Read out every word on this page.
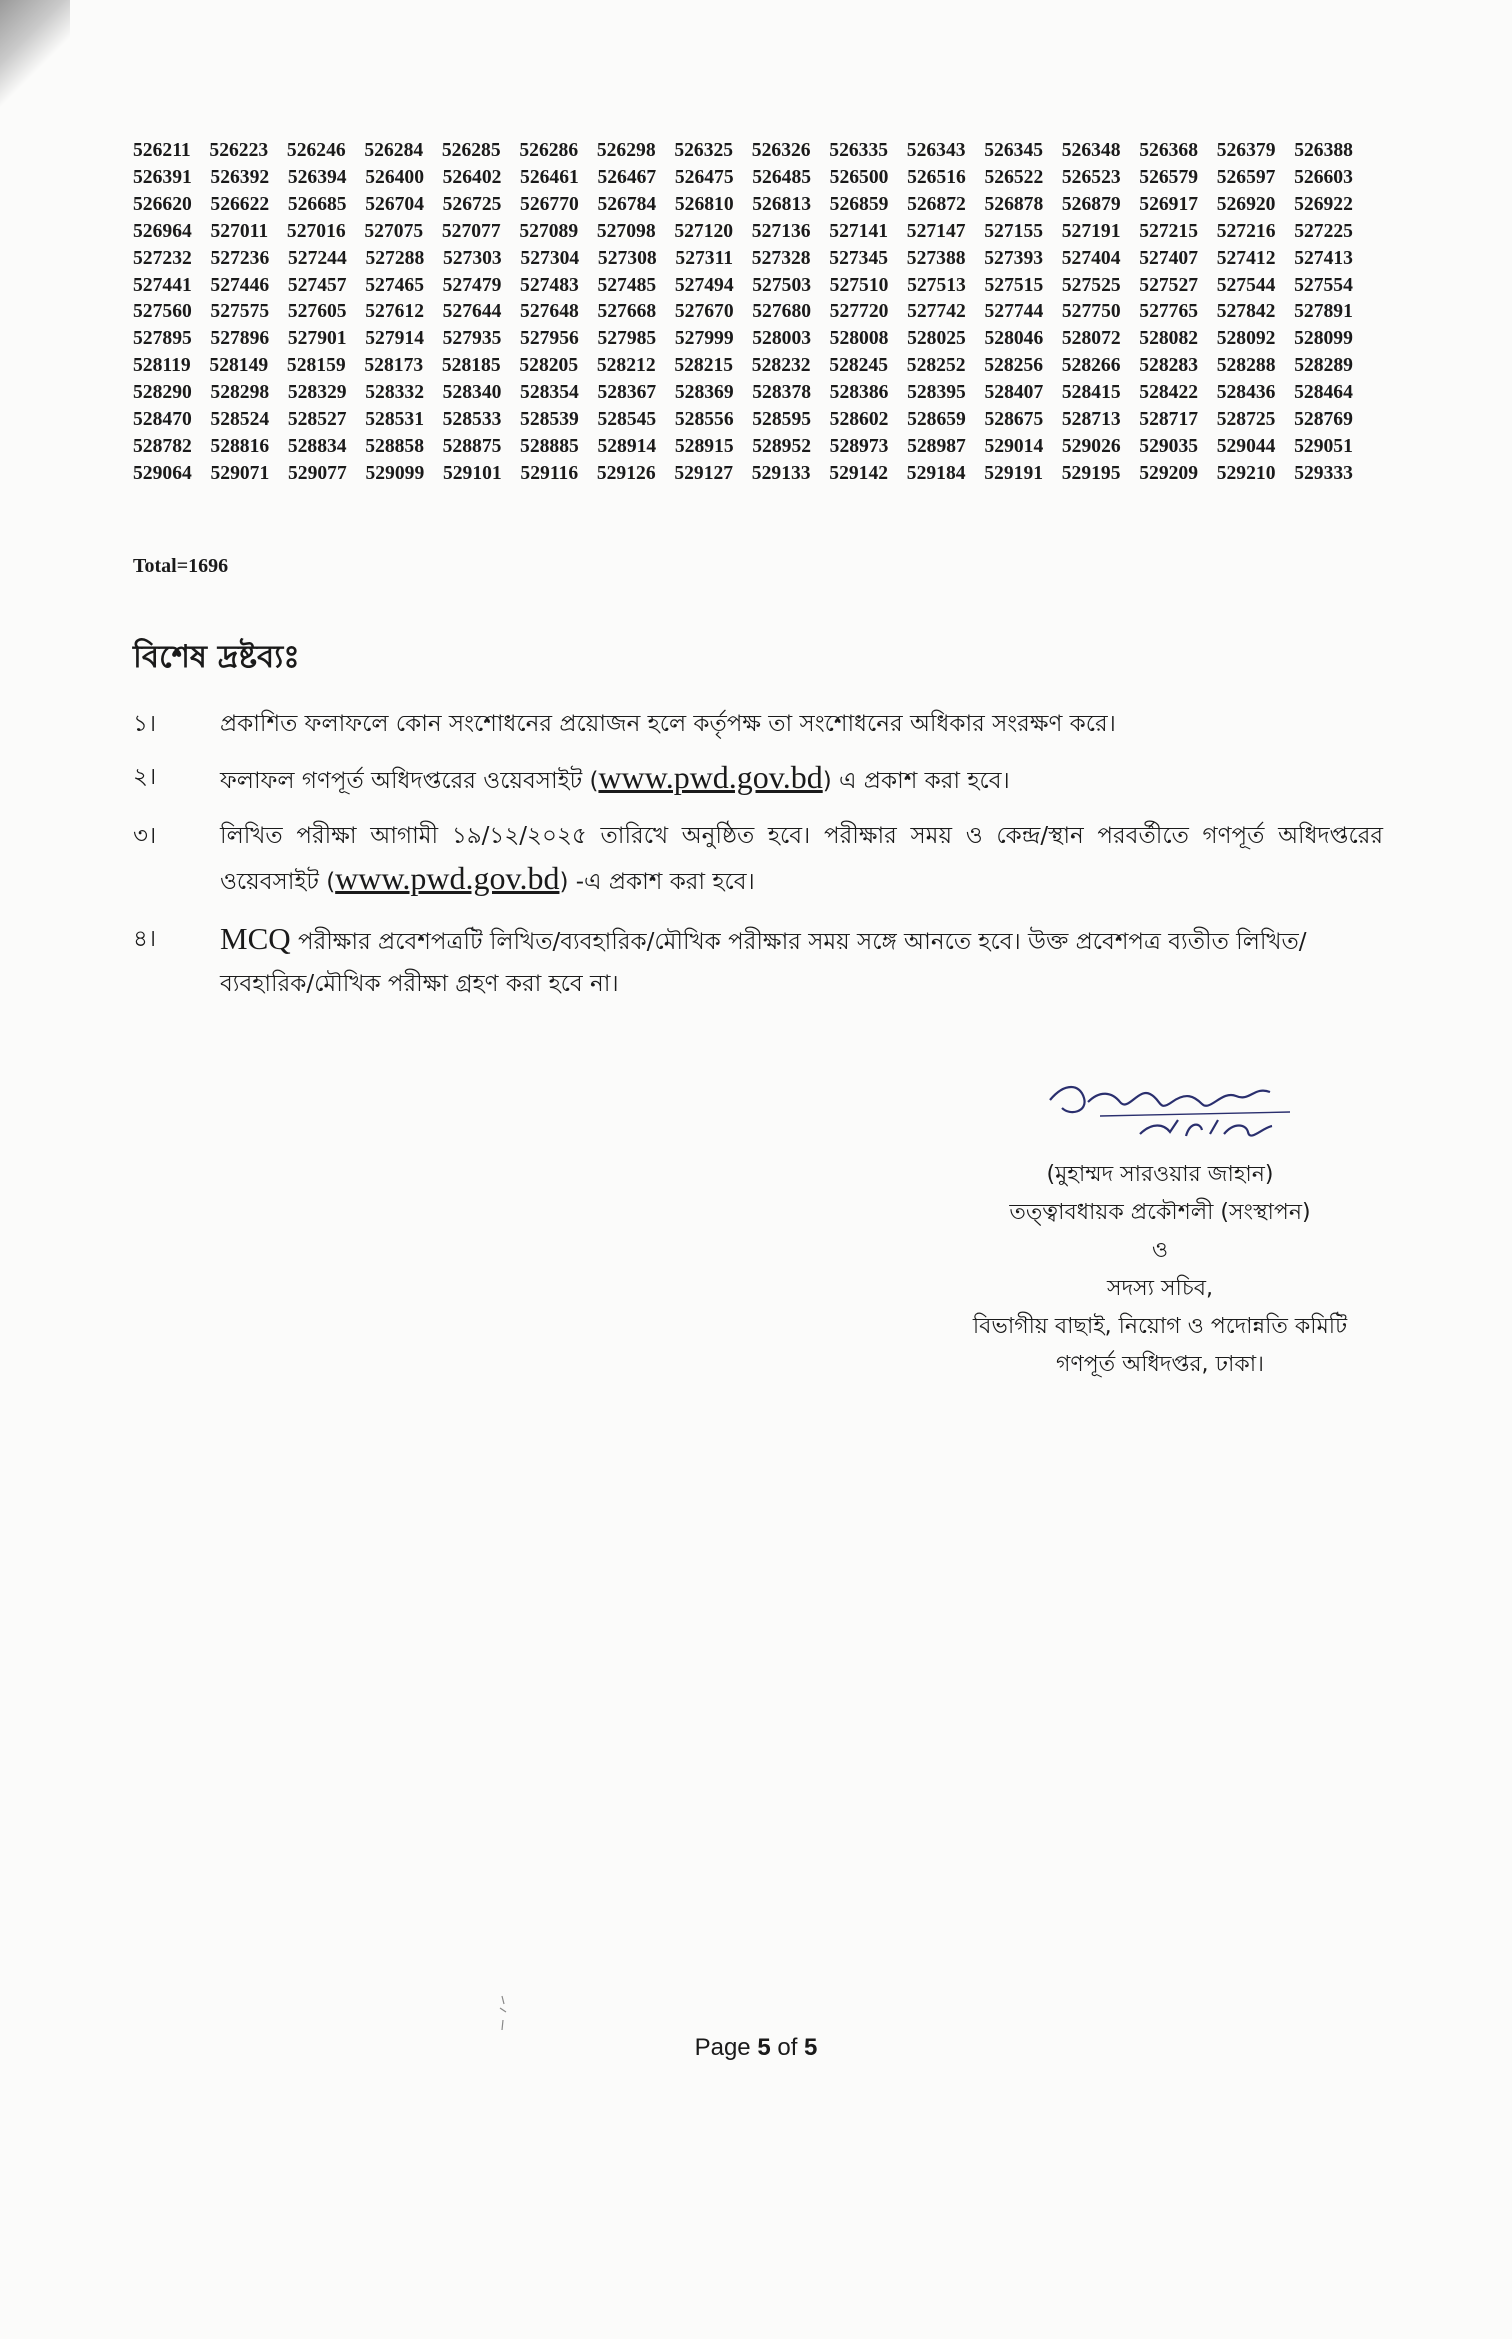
526211 526223 526246 526284 526285 526286 526298 526325 526326 526335 526343 526345 526348 526368 526379 526388
526391 526392 526394 526400 526402 526461 526467 526475 526485 526500 526516 526522 526523 526579 526597 526603
526620 526622 526685 526704 526725 526770 526784 526810 526813 526859 526872 526878 526879 526917 526920 526922
526964 527011 527016 527075 527077 527089 527098 527120 527136 527141 527147 527155 527191 527215 527216 527225
527232 527236 527244 527288 527303 527304 527308 527311 527328 527345 527388 527393 527404 527407 527412 527413
527441 527446 527457 527465 527479 527483 527485 527494 527503 527510 527513 527515 527525 527527 527544 527554
527560 527575 527605 527612 527644 527648 527668 527670 527680 527720 527742 527744 527750 527765 527842 527891
527895 527896 527901 527914 527935 527956 527985 527999 528003 528008 528025 528046 528072 528082 528092 528099
528119 528149 528159 528173 528185 528205 528212 528215 528232 528245 528252 528256 528266 528283 528288 528289
528290 528298 528329 528332 528340 528354 528367 528369 528378 528386 528395 528407 528415 528422 528436 528464
528470 528524 528527 528531 528533 528539 528545 528556 528595 528602 528659 528675 528713 528717 528725 528769
528782 528816 528834 528858 528875 528885 528914 528915 528952 528973 528987 529014 529026 529035 529044 529051
529064 529071 529077 529099 529101 529116 529126 529127 529133 529142 529184 529191 529195 529209 529210 529333
Total=1696
বিশেষ দ্রষ্টব্যঃ
১।	প্রকাশিত ফলাফলে কোন সংশোধনের প্রয়োজন হলে কর্তৃপক্ষ তা সংশোধনের অধিকার সংরক্ষণ করে।
২।	ফলাফল গণপূর্ত অধিদপ্তরের ওয়েবসাইট (www.pwd.gov.bd) এ প্রকাশ করা হবে।
৩।	লিখিত পরীক্ষা আগামী ১৯/১২/২০২৫ তারিখে অনুষ্ঠিত হবে। পরীক্ষার সময় ও কেন্দ্র/স্থান পরবর্তীতে গণপূর্ত অধিদপ্তরের ওয়েবসাইট (www.pwd.gov.bd) -এ প্রকাশ করা হবে।
৪।	MCQ পরীক্ষার প্রবেশপত্রটি লিখিত/ব্যবহারিক/মৌখিক পরীক্ষার সময় সঙ্গে আনতে হবে। উক্ত প্রবেশপত্র ব্যতীত লিখিত/ব্যবহারিক/মৌখিক পরীক্ষা গ্রহণ করা হবে না।
(মুহাম্মদ সারওয়ার জাহান)
তত্ত্বাবধায়ক প্রকৌশলী (সংস্থাপন)
ও
সদস্য সচিব,
বিভাগীয় বাছাই, নিয়োগ ও পদোন্নতি কমিটি
গণপূর্ত অধিদপ্তর, ঢাকা।
Page 5 of 5
